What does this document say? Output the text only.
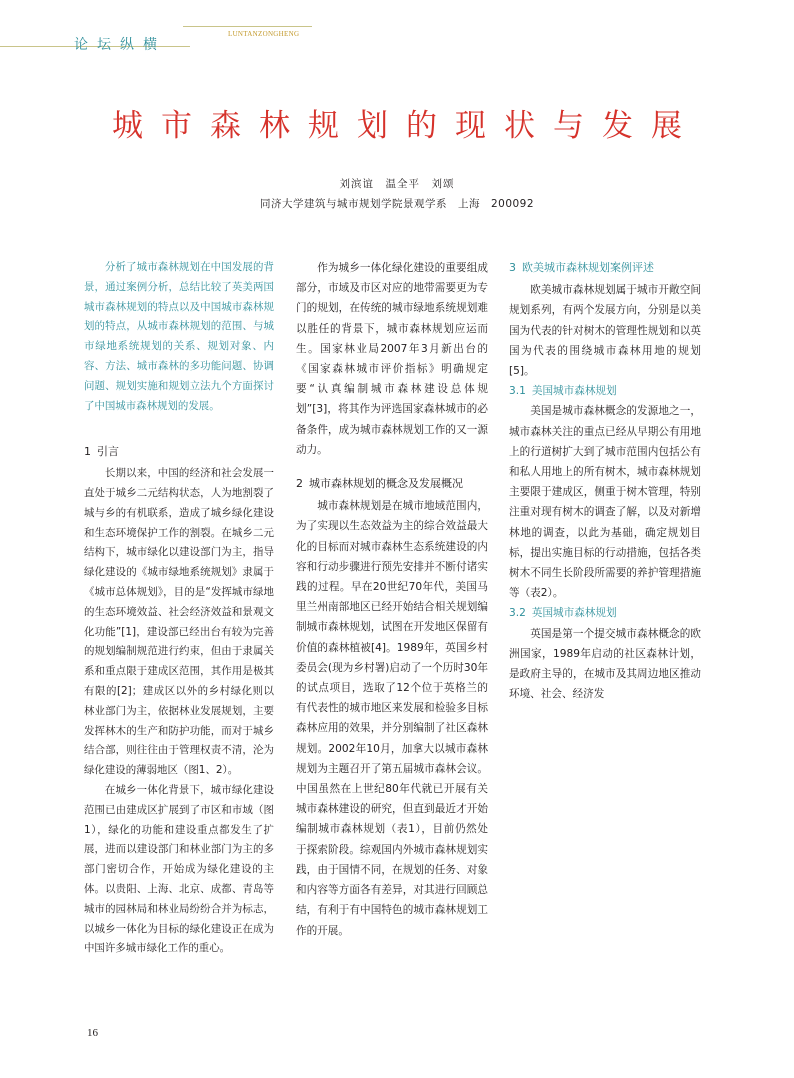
论坛纵横
LUNTANZONGHENG
城市森林规划的现状与发展
刘滨谊　温全平　刘颂
同济大学建筑与城市规划学院景观学系　上海　200092

分析了城市森林规划在中国发展的背景，通过案例分析，总结比较了英美两国城市森林规划的特点以及中国城市森林规划的特点，从城市森林规划的范围、与城市绿地系统规划的关系、规划对象、内容、方法、城市森林的多功能问题、协调问题、规划实施和规划立法九个方面探讨了中国城市森林规划的发展。

1 引言

长期以来，中国的经济和社会发展一直处于城乡二元结构状态，人为地割裂了城与乡的有机联系，造成了城乡绿化建设和生态环境保护工作的割裂。在城乡二元结构下，城市绿化以建设部门为主，指导绿化建设的《城市绿地系统规划》隶属于《城市总体规划》，目的是“发挥城市绿地的生态环境效益、社会经济效益和景观文化功能”[1]，建设部已经出台有较为完善的规划编制规范进行约束，但由于隶属关系和重点限于建成区范围，其作用是极其有限的[2]；建成区以外的乡村绿化则以林业部门为主，依据林业发展规划，主要发挥林木的生产和防护功能，而对于城乡结合部，则往往由于管理权责不清，沦为绿化建设的薄弱地区（图1、2）。

在城乡一体化背景下，城市绿化建设范围已由建成区扩展到了市区和市域（图1），绿化的功能和建设重点都发生了扩展，进而以建设部门和林业部门为主的多部门密切合作，开始成为绿化建设的主体。以贵阳、上海、北京、成都、青岛等城市的园林局和林业局纷纷合并为标志，以城乡一体化为目标的绿化建设正在成为中国许多城市绿化工作的重心。

作为城乡一体化绿化建设的重要组成部分，市域及市区对应的地带需要更为专门的规划，在传统的城市绿地系统规划难以胜任的背景下，城市森林规划应运而生。国家林业局2007年3月新出台的《国家森林城市评价指标》明确规定要“认真编制城市森林建设总体规划”[3]，将其作为评选国家森林城市的必备条件，成为城市森林规划工作的又一源动力。

2 城市森林规划的概念及发展概况

城市森林规划是在城市地域范围内，为了实现以生态效益为主的综合效益最大化的目标而对城市森林生态系统建设的内容和行动步骤进行预先安排并不断付诸实践的过程。早在20世纪70年代，美国马里兰州南部地区已经开始结合相关规划编制城市森林规划，试图在开发地区保留有价值的森林植被[4]。1989年，英国乡村委员会(现为乡村署)启动了一个历时30年的试点项目，选取了12个位于英格兰的有代表性的城市地区来发展和检验多目标森林应用的效果，并分别编制了社区森林规划。2002年10月，加拿大以城市森林规划为主题召开了第五届城市森林会议。中国虽然在上世纪80年代就已开展有关城市森林建设的研究，但直到最近才开始编制城市森林规划（表1），目前仍然处于探索阶段。综观国内外城市森林规划实践，由于国情不同，在规划的任务、对象和内容等方面各有差异，对其进行回顾总结，有利于有中国特色的城市森林规划工作的开展。

3 欧美城市森林规划案例评述

欧美城市森林规划属于城市开敞空间规划系列，有两个发展方向，分别是以美国为代表的针对树木的管理性规划和以英国为代表的围绕城市森林用地的规划[5]。

3.1 美国城市森林规划

美国是城市森林概念的发源地之一，城市森林关注的重点已经从早期公有用地上的行道树扩大到了城市范围内包括公有和私人用地上的所有树木，城市森林规划主要限于建成区，侧重于树木管理，特别注重对现有树木的调查了解，以及对新增林地的调查，以此为基础，确定规划目标，提出实施目标的行动措施，包括各类树木不同生长阶段所需要的养护管理措施等（表2）。

3.2 英国城市森林规划

英国是第一个提交城市森林概念的欧洲国家，1989年启动的社区森林计划，是政府主导的，在城市及其周边地区推动环境、社会、经济发

16
